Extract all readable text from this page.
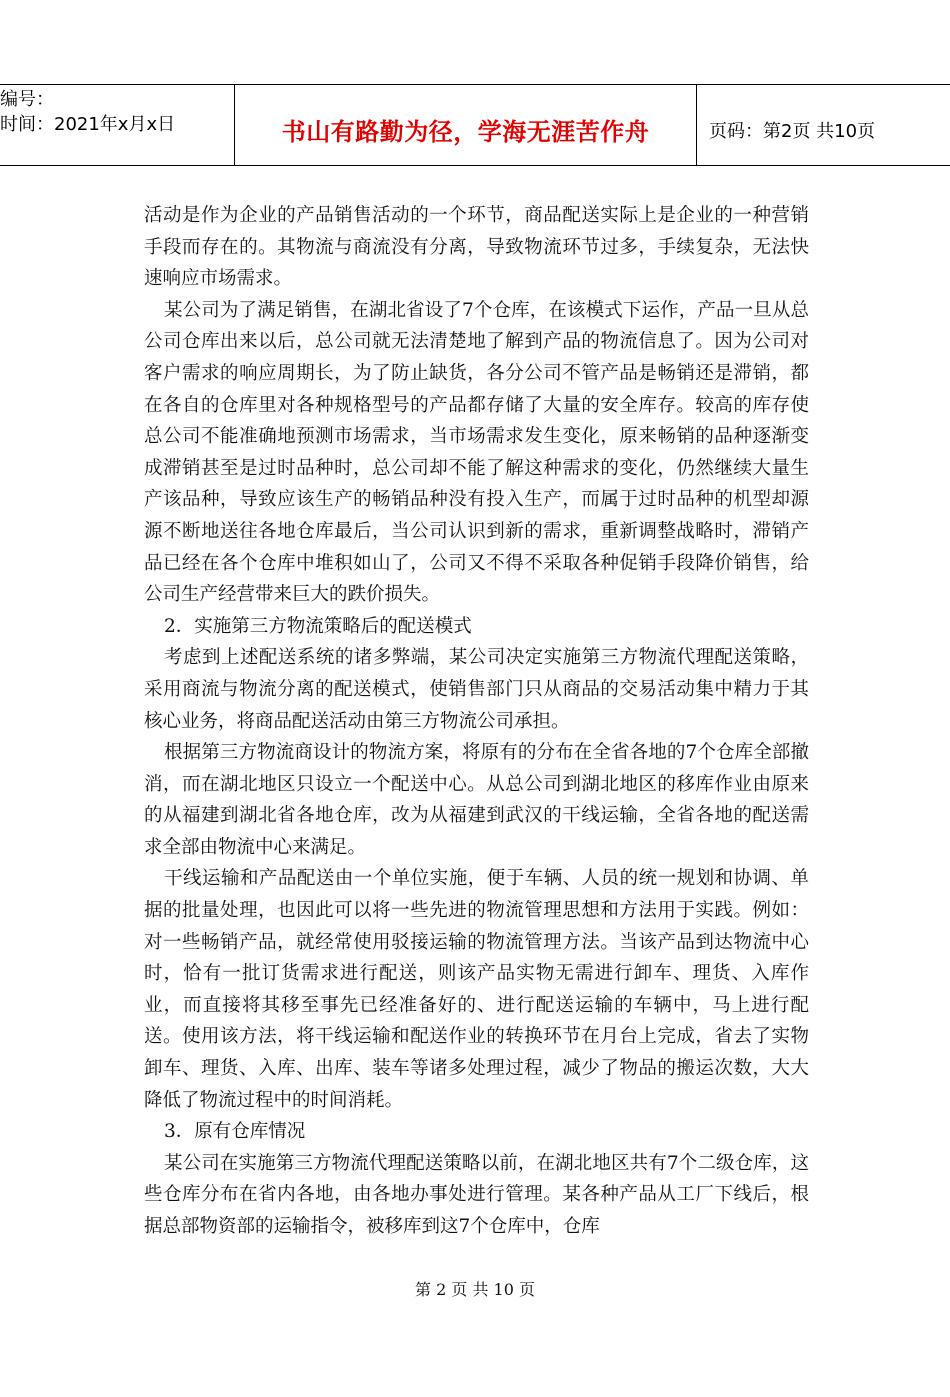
编号：
时间：2021年x月x日	书山有路勤为径，学海无涯苦作舟	页码：第2页 共10页

活动是作为企业的产品销售活动的一个环节，商品配送实际上是企业的一种营销手段而存在的。其物流与商流没有分离，导致物流环节过多，手续复杂，无法快速响应市场需求。

某公司为了满足销售，在湖北省设了7个仓库，在该模式下运作，产品一旦从总公司仓库出来以后，总公司就无法清楚地了解到产品的物流信息了。因为公司对客户需求的响应周期长，为了防止缺货，各分公司不管产品是畅销还是滞销，都在各自的仓库里对各种规格型号的产品都存储了大量的安全库存。较高的库存使总公司不能准确地预测市场需求，当市场需求发生变化，原来畅销的品种逐渐变成滞销甚至是过时品种时，总公司却不能了解这种需求的变化，仍然继续大量生产该品种，导致应该生产的畅销品种没有投入生产，而属于过时品种的机型却源源不断地送往各地仓库最后，当公司认识到新的需求，重新调整战略时，滞销产品已经在各个仓库中堆积如山了，公司又不得不采取各种促销手段降价销售，给公司生产经营带来巨大的跌价损失。

2．实施第三方物流策略后的配送模式

考虑到上述配送系统的诸多弊端，某公司决定实施第三方物流代理配送策略，采用商流与物流分离的配送模式，使销售部门只从商品的交易活动集中精力于其核心业务，将商品配送活动由第三方物流公司承担。

根据第三方物流商设计的物流方案，将原有的分布在全省各地的7个仓库全部撤消，而在湖北地区只设立一个配送中心。从总公司到湖北地区的移库作业由原来的从福建到湖北省各地仓库，改为从福建到武汉的干线运输，全省各地的配送需求全部由物流中心来满足。

干线运输和产品配送由一个单位实施，便于车辆、人员的统一规划和协调、单据的批量处理，也因此可以将一些先进的物流管理思想和方法用于实践。例如：对一些畅销产品，就经常使用驳接运输的物流管理方法。当该产品到达物流中心时，恰有一批订货需求进行配送，则该产品实物无需进行卸车、理货、入库作业，而直接将其移至事先已经准备好的、进行配送运输的车辆中，马上进行配送。使用该方法，将干线运输和配送作业的转换环节在月台上完成，省去了实物卸车、理货、入库、出库、装车等诸多处理过程，减少了物品的搬运次数，大大降低了物流过程中的时间消耗。

3．原有仓库情况

某公司在实施第三方物流代理配送策略以前，在湖北地区共有7个二级仓库，这些仓库分布在省内各地，由各地办事处进行管理。某各种产品从工厂下线后，根据总部物资部的运输指令，被移库到这7个仓库中，仓库

第 2 页 共 10 页
